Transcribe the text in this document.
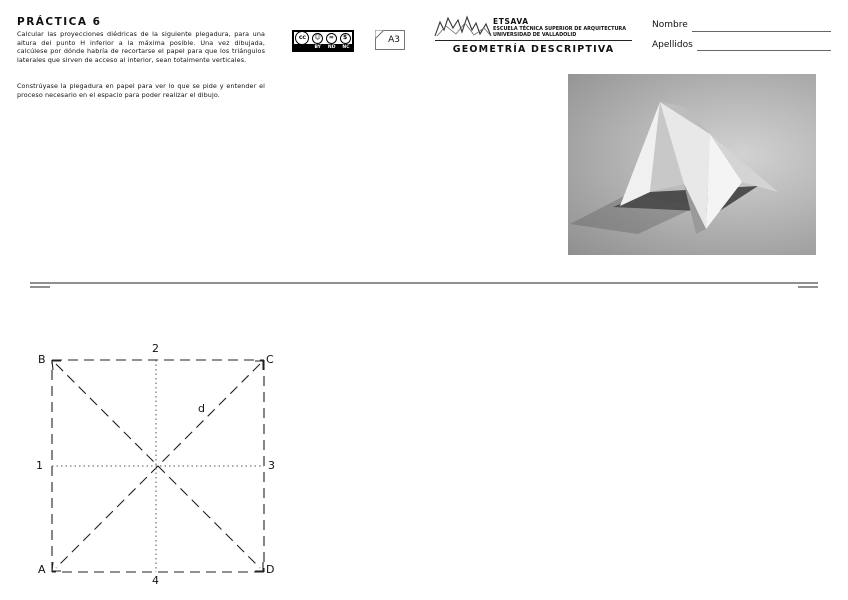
PRÁCTICA 6
Calcular las proyecciones diédricas de la siguiente plegadura, para una altura del punto H inferior a la máxima posible. Una vez dibujada, calcúlese por dónde habría de recortarse el papel para que los triángulos laterales que sirven de acceso al interior, sean totalmente verticales.
Constrúyase la plegadura en papel para ver lo que se pide y entender el proceso necesario en el espacio para poder realizar el dibujo.
cc	☺	=	$
BY ND NC
A3
ETSAVA
ESCUELA TÉCNICA SUPERIOR DE ARQUITECTURA
UNIVERSIDAD DE VALLADOLID
GEOMETRÍA DESCRIPTIVA
Nombre
Apellidos
B	C
A	D
2
4
1	3
d
